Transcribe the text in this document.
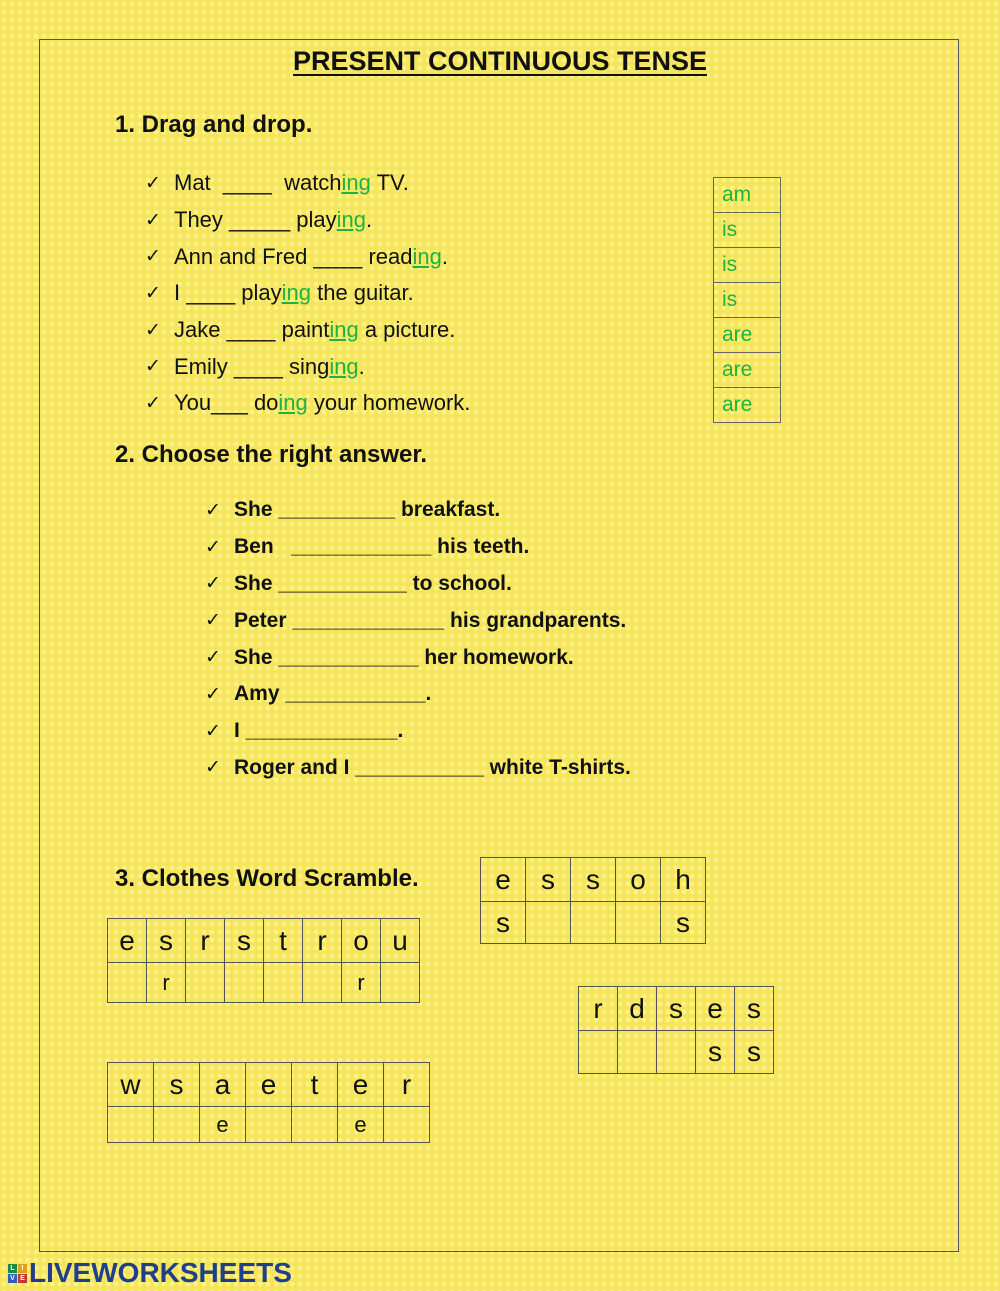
PRESENT CONTINUOUS TENSE
1. Drag and drop.
✓ Mat  ____  watch ing TV.
✓ They _____ play ing .
✓ Ann and Fred ____ read ing .
✓ I ____ play ing the guitar.
✓ Jake ____ paint ing a picture.
✓ Emily ____ sing ing .
✓ You___ do ing your homework.
am
is
is
is
are
are
are
2. Choose the right answer.
✓ She __________ breakfast.
✓ Ben   ____________ his teeth.
✓ She ___________ to school.
✓ Peter _____________ his grandparents.
✓ She ____________ her homework.
✓ Amy ____________.
✓ I _____________.
✓ Roger and I ___________ white T-shirts.
3. Clothes Word Scramble.
e	s	r	s	t	r	o	u
	r					r	
e	s	s	o	h
s				s
r	d	s	e	s
			s	s
w	s	a	e	t	e	r
		e			e	
L I
V E LIVEWORKSHEETS
